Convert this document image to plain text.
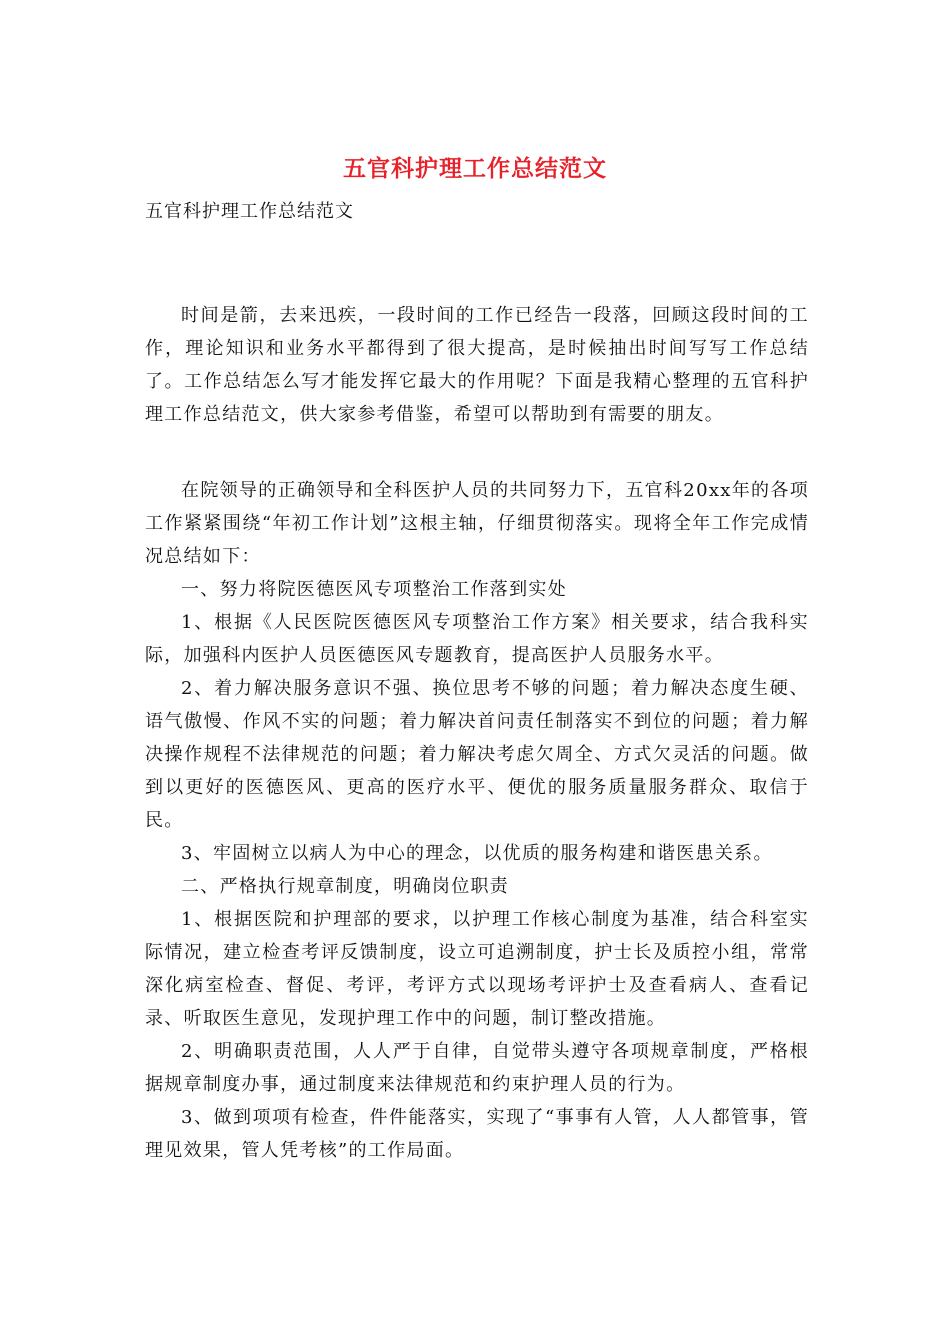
五官科护理工作总结范文
五官科护理工作总结范文

时间是箭，去来迅疾，一段时间的工作已经告一段落，回顾这段时间的工作，理论知识和业务水平都得到了很大提高，是时候抽出时间写写工作总结了。工作总结怎么写才能发挥它最大的作用呢？下面是我精心整理的五官科护理工作总结范文，供大家参考借鉴，希望可以帮助到有需要的朋友。

在院领导的正确领导和全科医护人员的共同努力下，五官科20xx年的各项工作紧紧围绕“年初工作计划”这根主轴，仔细贯彻落实。现将全年工作完成情况总结如下：

一、努力将院医德医风专项整治工作落到实处

1、根据《人民医院医德医风专项整治工作方案》相关要求，结合我科实际，加强科内医护人员医德医风专题教育，提高医护人员服务水平。

2、着力解决服务意识不强、换位思考不够的问题；着力解决态度生硬、语气傲慢、作风不实的问题；着力解决首问责任制落实不到位的问题；着力解决操作规程不法律规范的问题；着力解决考虑欠周全、方式欠灵活的问题。做到以更好的医德医风、更高的医疗水平、便优的服务质量服务群众、取信于民。

3、牢固树立以病人为中心的理念，以优质的服务构建和谐医患关系。

二、严格执行规章制度，明确岗位职责

1、根据医院和护理部的要求，以护理工作核心制度为基准，结合科室实际情况，建立检查考评反馈制度，设立可追溯制度，护士长及质控小组，常常深化病室检查、督促、考评，考评方式以现场考评护士及查看病人、查看记录、听取医生意见，发现护理工作中的问题，制订整改措施。

2、明确职责范围，人人严于自律，自觉带头遵守各项规章制度，严格根据规章制度办事，通过制度来法律规范和约束护理人员的行为。

3、做到项项有检查，件件能落实，实现了“事事有人管，人人都管事，管理见效果，管人凭考核”的工作局面。
